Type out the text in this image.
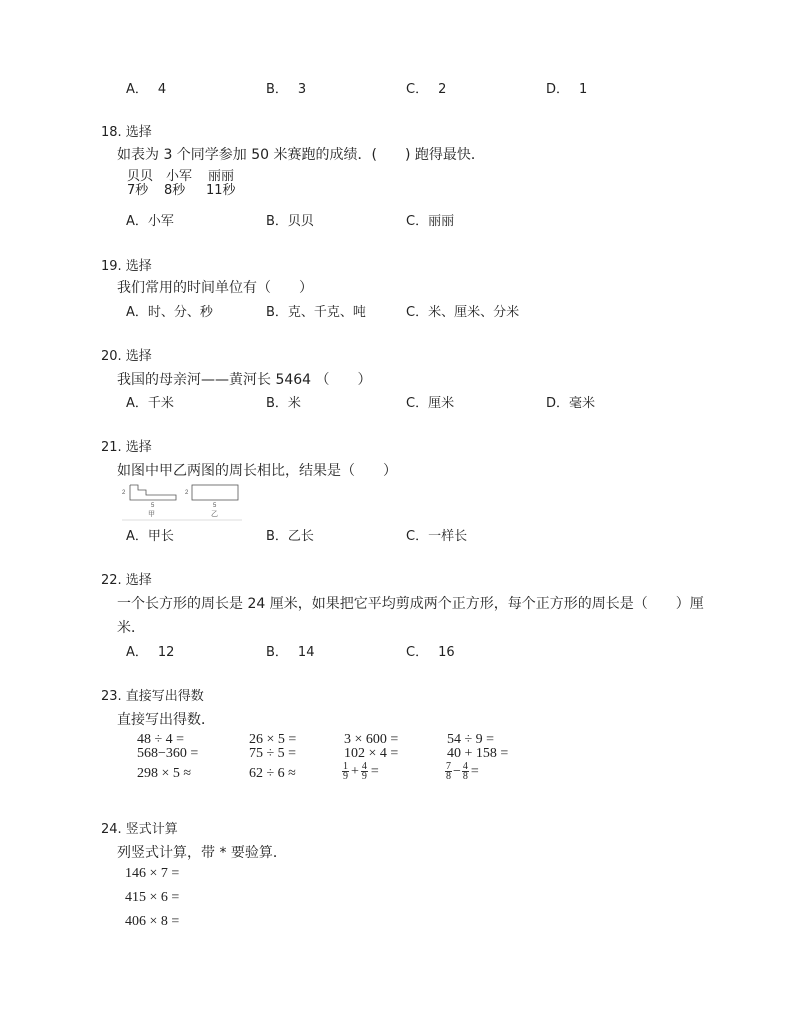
A． 4	B． 3	C． 2	D． 1
18. 选择
如表为 3 个同学参加 50 米赛跑的成绩．(　　) 跑得最快．
贝贝 小军	丽丽
7秒	8秒	11秒
A．小军	B．贝贝	C．丽丽
19. 选择
我们常用的时间单位有（　　）
A．时、分、秒	B．克、千克、吨	C．米、厘米、分米
20. 选择
我国的母亲河——黄河长 5464 （　　）
A．千米	B．米	C．厘米	D．毫米
21. 选择
如图中甲乙两图的周长相比，结果是（　　）
2	2
5	5
甲	乙
A．甲长	B．乙长	C．一样长
22. 选择
一个长方形的周长是 24 厘米，如果把它平均剪成两个正方形，每个正方形的周长是（　　）厘
米．
A． 12	B． 14	C． 16
23. 直接写出得数
直接写出得数．
48 ÷ 4 =	26 × 5 =	3 × 600 =	54 ÷ 9 =
568−360 =	75 ÷ 5 =	102 × 4 =	40 + 158 =
298 × 5 ≈	62 ÷ 6 ≈	$\frac{1}{9} + \frac{4}{9}$ =	$\frac{7}{8} - \frac{4}{8}$ =
24. 竖式计算
列竖式计算，带 * 要验算．
146 × 7 =
415 × 6 =
406 × 8 =
